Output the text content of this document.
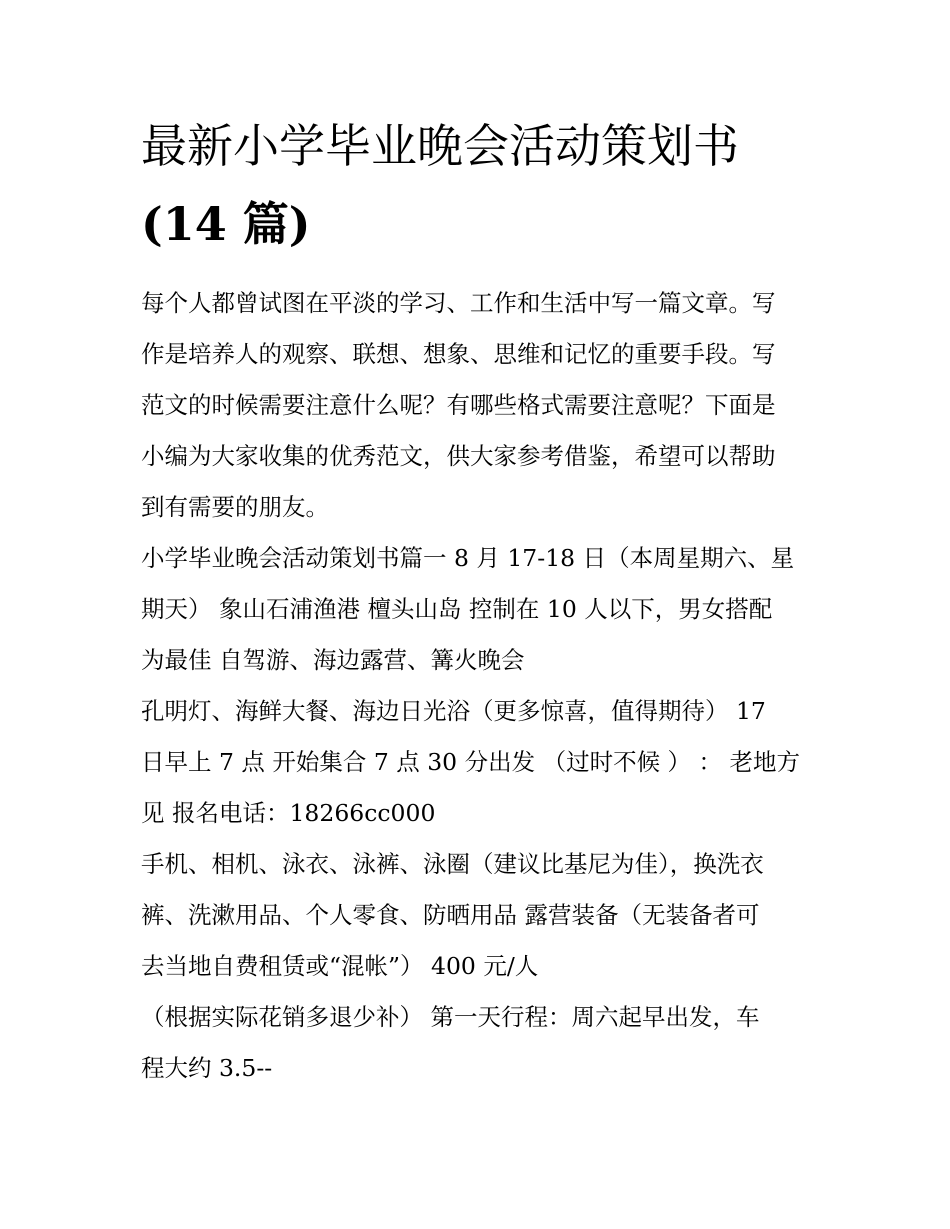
最新小学毕业晚会活动策划书
(14 篇)

每个人都曾试图在平淡的学习、工作和生活中写一篇文章。写
作是培养人的观察、联想、想象、思维和记忆的重要手段。写
范文的时候需要注意什么呢？有哪些格式需要注意呢？下面是
小编为大家收集的优秀范文，供大家参考借鉴，希望可以帮助
到有需要的朋友。

小学毕业晚会活动策划书篇一 8 月 17-18 日（本周星期六、星
期天） 象山石浦渔港 檀头山岛 控制在 10 人以下，男女搭配
为最佳 自驾游、海边露营、篝火晚会

孔明灯、海鲜大餐、海边日光浴（更多惊喜，值得期待） 17
日早上 7 点 开始集合 7 点 30 分出发 （过时不候 ） ： 老地方
见 报名电话：18266cc000

手机、相机、泳衣、泳裤、泳圈（建议比基尼为佳），换洗衣
裤、洗漱用品、个人零食、防晒用品 露营装备（无装备者可
去当地自费租赁或“混帐”） 400 元/人

（根据实际花销多退少补） 第一天行程：周六起早出发，车
程大约 3.5--
